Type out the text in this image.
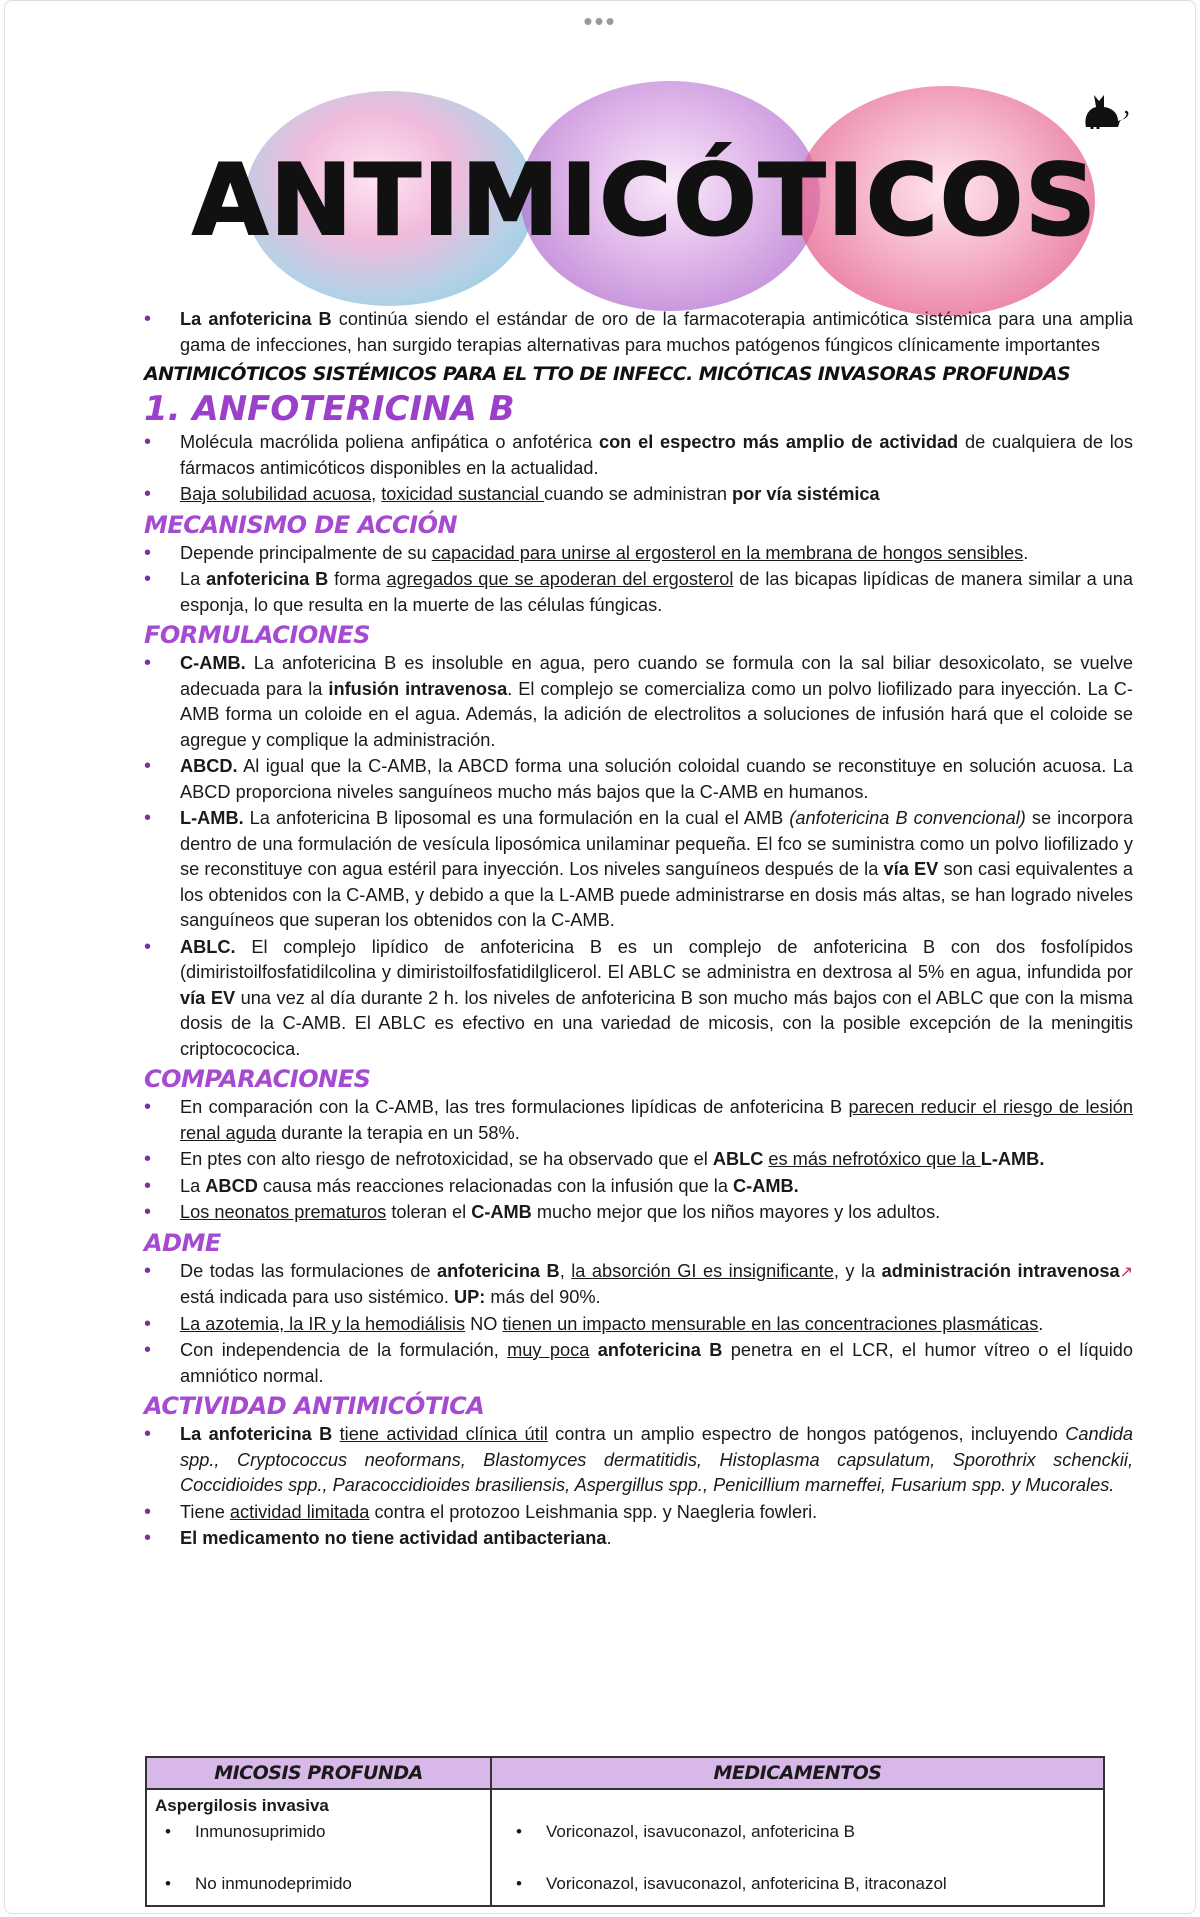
•••
ANTIMICÓTICOS
• La anfotericina B continúa siendo el estándar de oro de la farmacoterapia antimicótica sistémica para una amplia gama de infecciones, han surgido terapias alternativas para muchos patógenos fúngicos clínicamente importantes
ANTIMICÓTICOS SISTÉMICOS PARA EL TTO DE INFECC. MICÓTICAS INVASORAS PROFUNDAS
1. ANFOTERICINA B
• Molécula macrólida poliena anfipática o anfotérica con el espectro más amplio de actividad de cualquiera de los fármacos antimicóticos disponibles en la actualidad.
• Baja solubilidad acuosa, toxicidad sustancial cuando se administran por vía sistémica
MECANISMO DE ACCIÓN
• Depende principalmente de su capacidad para unirse al ergosterol en la membrana de hongos sensibles.
• La anfotericina B forma agregados que se apoderan del ergosterol de las bicapas lipídicas de manera similar a una esponja, lo que resulta en la muerte de las células fúngicas.
FORMULACIONES
• C-AMB. La anfotericina B es insoluble en agua, pero cuando se formula con la sal biliar desoxicolato, se vuelve adecuada para la infusión intravenosa. El complejo se comercializa como un polvo liofilizado para inyección. La C-AMB forma un coloide en el agua. Además, la adición de electrolitos a soluciones de infusión hará que el coloide se agregue y complique la administración.
• ABCD. Al igual que la C-AMB, la ABCD forma una solución coloidal cuando se reconstituye en solución acuosa. La ABCD proporciona niveles sanguíneos mucho más bajos que la C-AMB en humanos.
• L-AMB. La anfotericina B liposomal es una formulación en la cual el AMB (anfotericina B convencional) se incorpora dentro de una formulación de vesícula liposómica unilaminar pequeña. El fco se suministra como un polvo liofilizado y se reconstituye con agua estéril para inyección. Los niveles sanguíneos después de la vía EV son casi equivalentes a los obtenidos con la C-AMB, y debido a que la L-AMB puede administrarse en dosis más altas, se han logrado niveles sanguíneos que superan los obtenidos con la C-AMB.
• ABLC. El complejo lipídico de anfotericina B es un complejo de anfotericina B con dos fosfolípidos (dimiristoilfosfatidilcolina y dimiristoilfosfatidilglicerol. El ABLC se administra en dextrosa al 5% en agua, infundida por vía EV una vez al día durante 2 h. los niveles de anfotericina B son mucho más bajos con el ABLC que con la misma dosis de la C-AMB. El ABLC es efectivo en una variedad de micosis, con la posible excepción de la meningitis criptocococica.
COMPARACIONES
• En comparación con la C-AMB, las tres formulaciones lipídicas de anfotericina B parecen reducir el riesgo de lesión renal aguda durante la terapia en un 58%.
• En ptes con alto riesgo de nefrotoxicidad, se ha observado que el ABLC es más nefrotóxico que la L-AMB.
• La ABCD causa más reacciones relacionadas con la infusión que la C-AMB.
• Los neonatos prematuros toleran el C-AMB mucho mejor que los niños mayores y los adultos.
ADME
• De todas las formulaciones de anfotericina B, la absorción GI es insignificante, y la administración intravenosa↗está indicada para uso sistémico. UP: más del 90%.
• La azotemia, la IR y la hemodiálisis NO tienen un impacto mensurable en las concentraciones plasmáticas.
• Con independencia de la formulación, muy poca anfotericina B penetra en el LCR, el humor vítreo o el líquido amniótico normal.
ACTIVIDAD ANTIMICÓTICA
• La anfotericina B tiene actividad clínica útil contra un amplio espectro de hongos patógenos, incluyendo Candida spp., Cryptococcus neoformans, Blastomyces dermatitidis, Histoplasma capsulatum, Sporothrix schenckii, Coccidioides spp., Paracoccidioides brasiliensis, Aspergillus spp., Penicillium marneffei, Fusarium spp. y Mucorales.
• Tiene actividad limitada contra el protozoo Leishmania spp. y Naegleria fowleri.
• El medicamento no tiene actividad antibacteriana.
MICOSIS PROFUNDA	MEDICAMENTOS
Aspergilosis invasiva
• Inmunosuprimido
• No inmunodeprimido
• Voriconazol, isavuconazol, anfotericina B
• Voriconazol, isavuconazol, anfotericina B, itraconazol
